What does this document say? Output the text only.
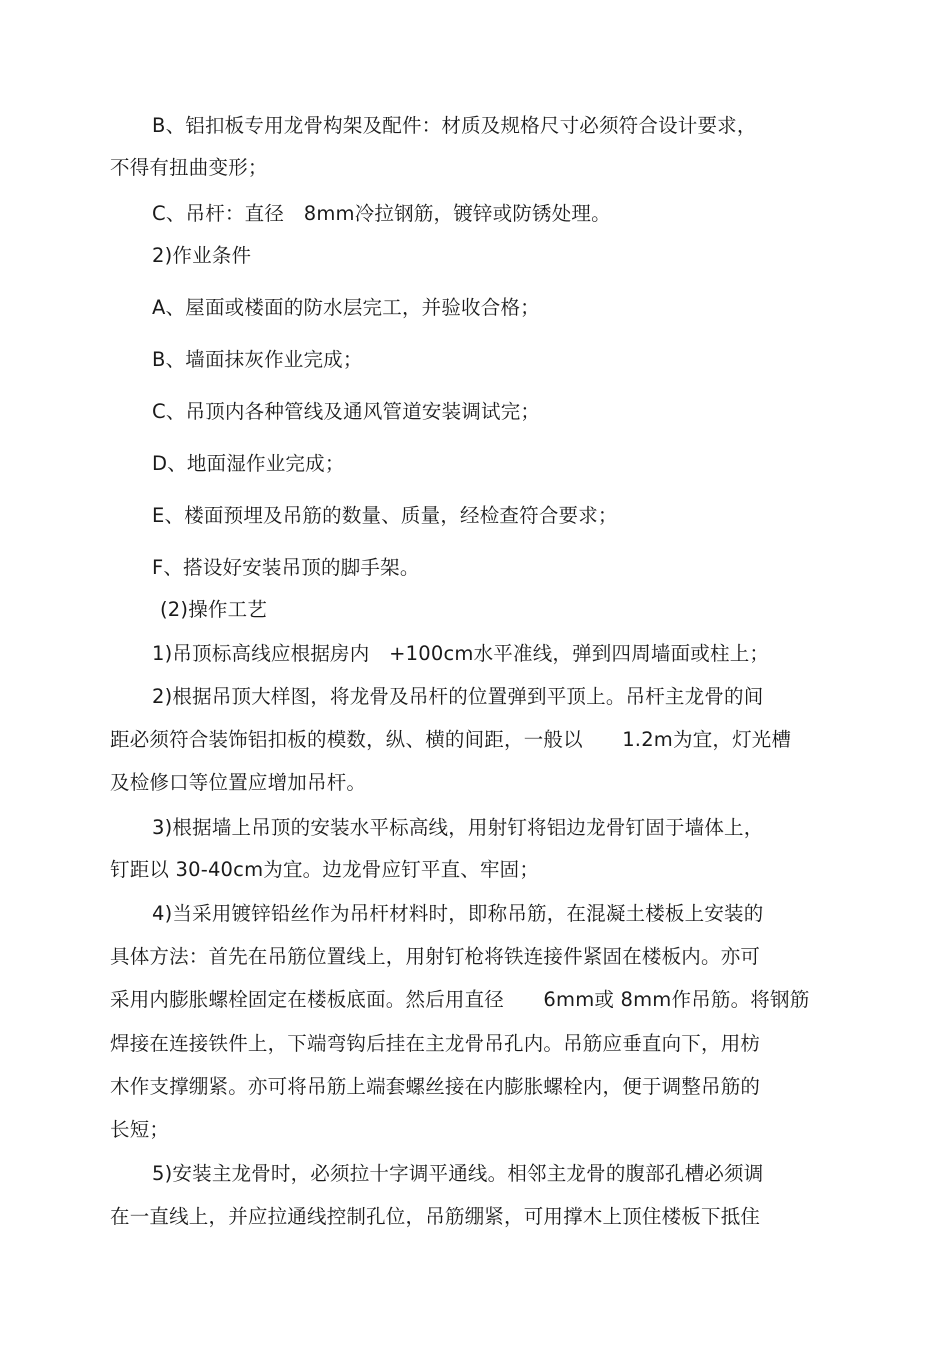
B、铝扣板专用龙骨构架及配件：材质及规格尺寸必须符合设计要求，
不得有扭曲变形；
C、吊杆：直径　8mm冷拉钢筋，镀锌或防锈处理。
2)作业条件
A、屋面或楼面的防水层完工，并验收合格；
B、墙面抹灰作业完成；
C、吊顶内各种管线及通风管道安装调试完；
D、地面湿作业完成；
E、楼面预埋及吊筋的数量、质量，经检查符合要求；
F、搭设好安装吊顶的脚手架。
(2)操作工艺
1)吊顶标高线应根据房内　+100cm水平准线，弹到四周墙面或柱上；
2)根据吊顶大样图，将龙骨及吊杆的位置弹到平顶上。吊杆主龙骨的间
距必须符合装饰铝扣板的模数，纵、横的间距，一般以　　1.2m为宜，灯光槽
及检修口等位置应增加吊杆。
3)根据墙上吊顶的安装水平标高线，用射钉将铝边龙骨钉固于墙体上，
钉距以 30-40cm为宜。边龙骨应钉平直、牢固；
4)当采用镀锌铅丝作为吊杆材料时，即称吊筋，在混凝土楼板上安装的
具体方法：首先在吊筋位置线上，用射钉枪将铁连接件紧固在楼板内。亦可
采用内膨胀螺栓固定在楼板底面。然后用直径　　6mm或 8mm作吊筋。将钢筋
焊接在连接铁件上，下端弯钩后挂在主龙骨吊孔内。吊筋应垂直向下，用枋
木作支撑绷紧。亦可将吊筋上端套螺丝接在内膨胀螺栓内，便于调整吊筋的
长短；
5)安装主龙骨时，必须拉十字调平通线。相邻主龙骨的腹部孔槽必须调
在一直线上，并应拉通线控制孔位，吊筋绷紧，可用撑木上顶住楼板下抵住
